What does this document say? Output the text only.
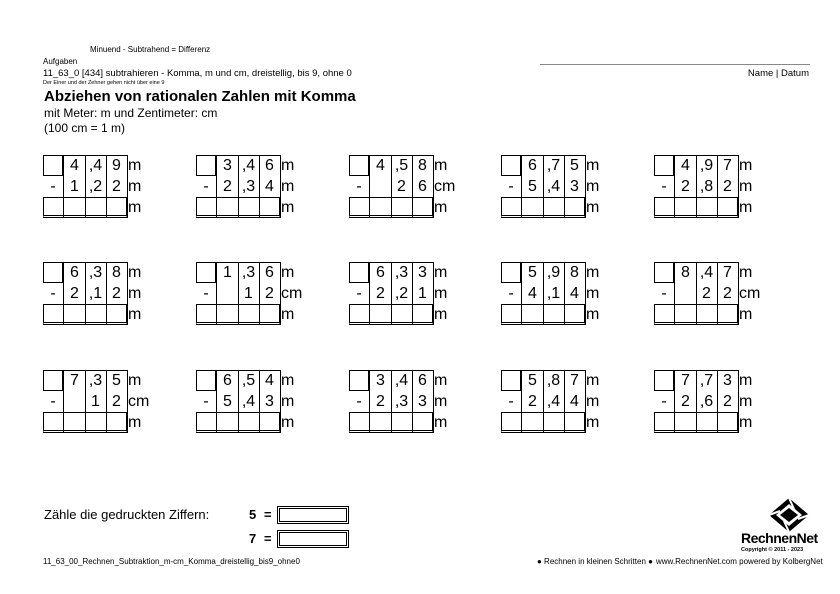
Minuend - Subtrahend = Differenz
Aufgaben
11_63_0 [434] subtrahieren - Komma, m und cm, dreistellig, bis 9, ohne 0
Der Einer und der Zehner gehen nicht über eine 9
Abziehen von rationalen Zahlen mit Komma
mit Meter: m und Zentimeter: cm
(100 cm = 1 m)
Name | Datum
4 ,4 9 m
- 1 ,2 2 m
m
3 ,4 6 m
- 2 ,3 4 m
m
4 ,5 8 m
-	2 6 cm
m
6 ,7 5 m
- 5 ,4 3 m
m
4 ,9 7 m
- 2 ,8 2 m
m
6 ,3 8 m
- 2 ,1 2 m
m
1 ,3 6 m
-	1 2 cm
m
6 ,3 3 m
- 2 ,2 1 m
m
5 ,9 8 m
- 4 ,1 4 m
m
8 ,4 7 m
-	2 2 cm
m
7 ,3 5 m
-	1 2 cm
m
6 ,5 4 m
- 5 ,4 3 m
m
3 ,4 6 m
- 2 ,3 3 m
m
5 ,8 7 m
- 2 ,4 4 m
m
7 ,7 3 m
- 2 ,6 2 m
m
Zähle die gedruckten Ziffern:	5 =
7 =	RechnenNet
Copyright © 2011 - 2023
11_63_00_Rechnen_Subtraktion_m-cm_Komma_dreistellig_bis9_ohne0	● Rechnen in kleinen Schritten ● www.RechnenNet.com powered by KolbergNet
